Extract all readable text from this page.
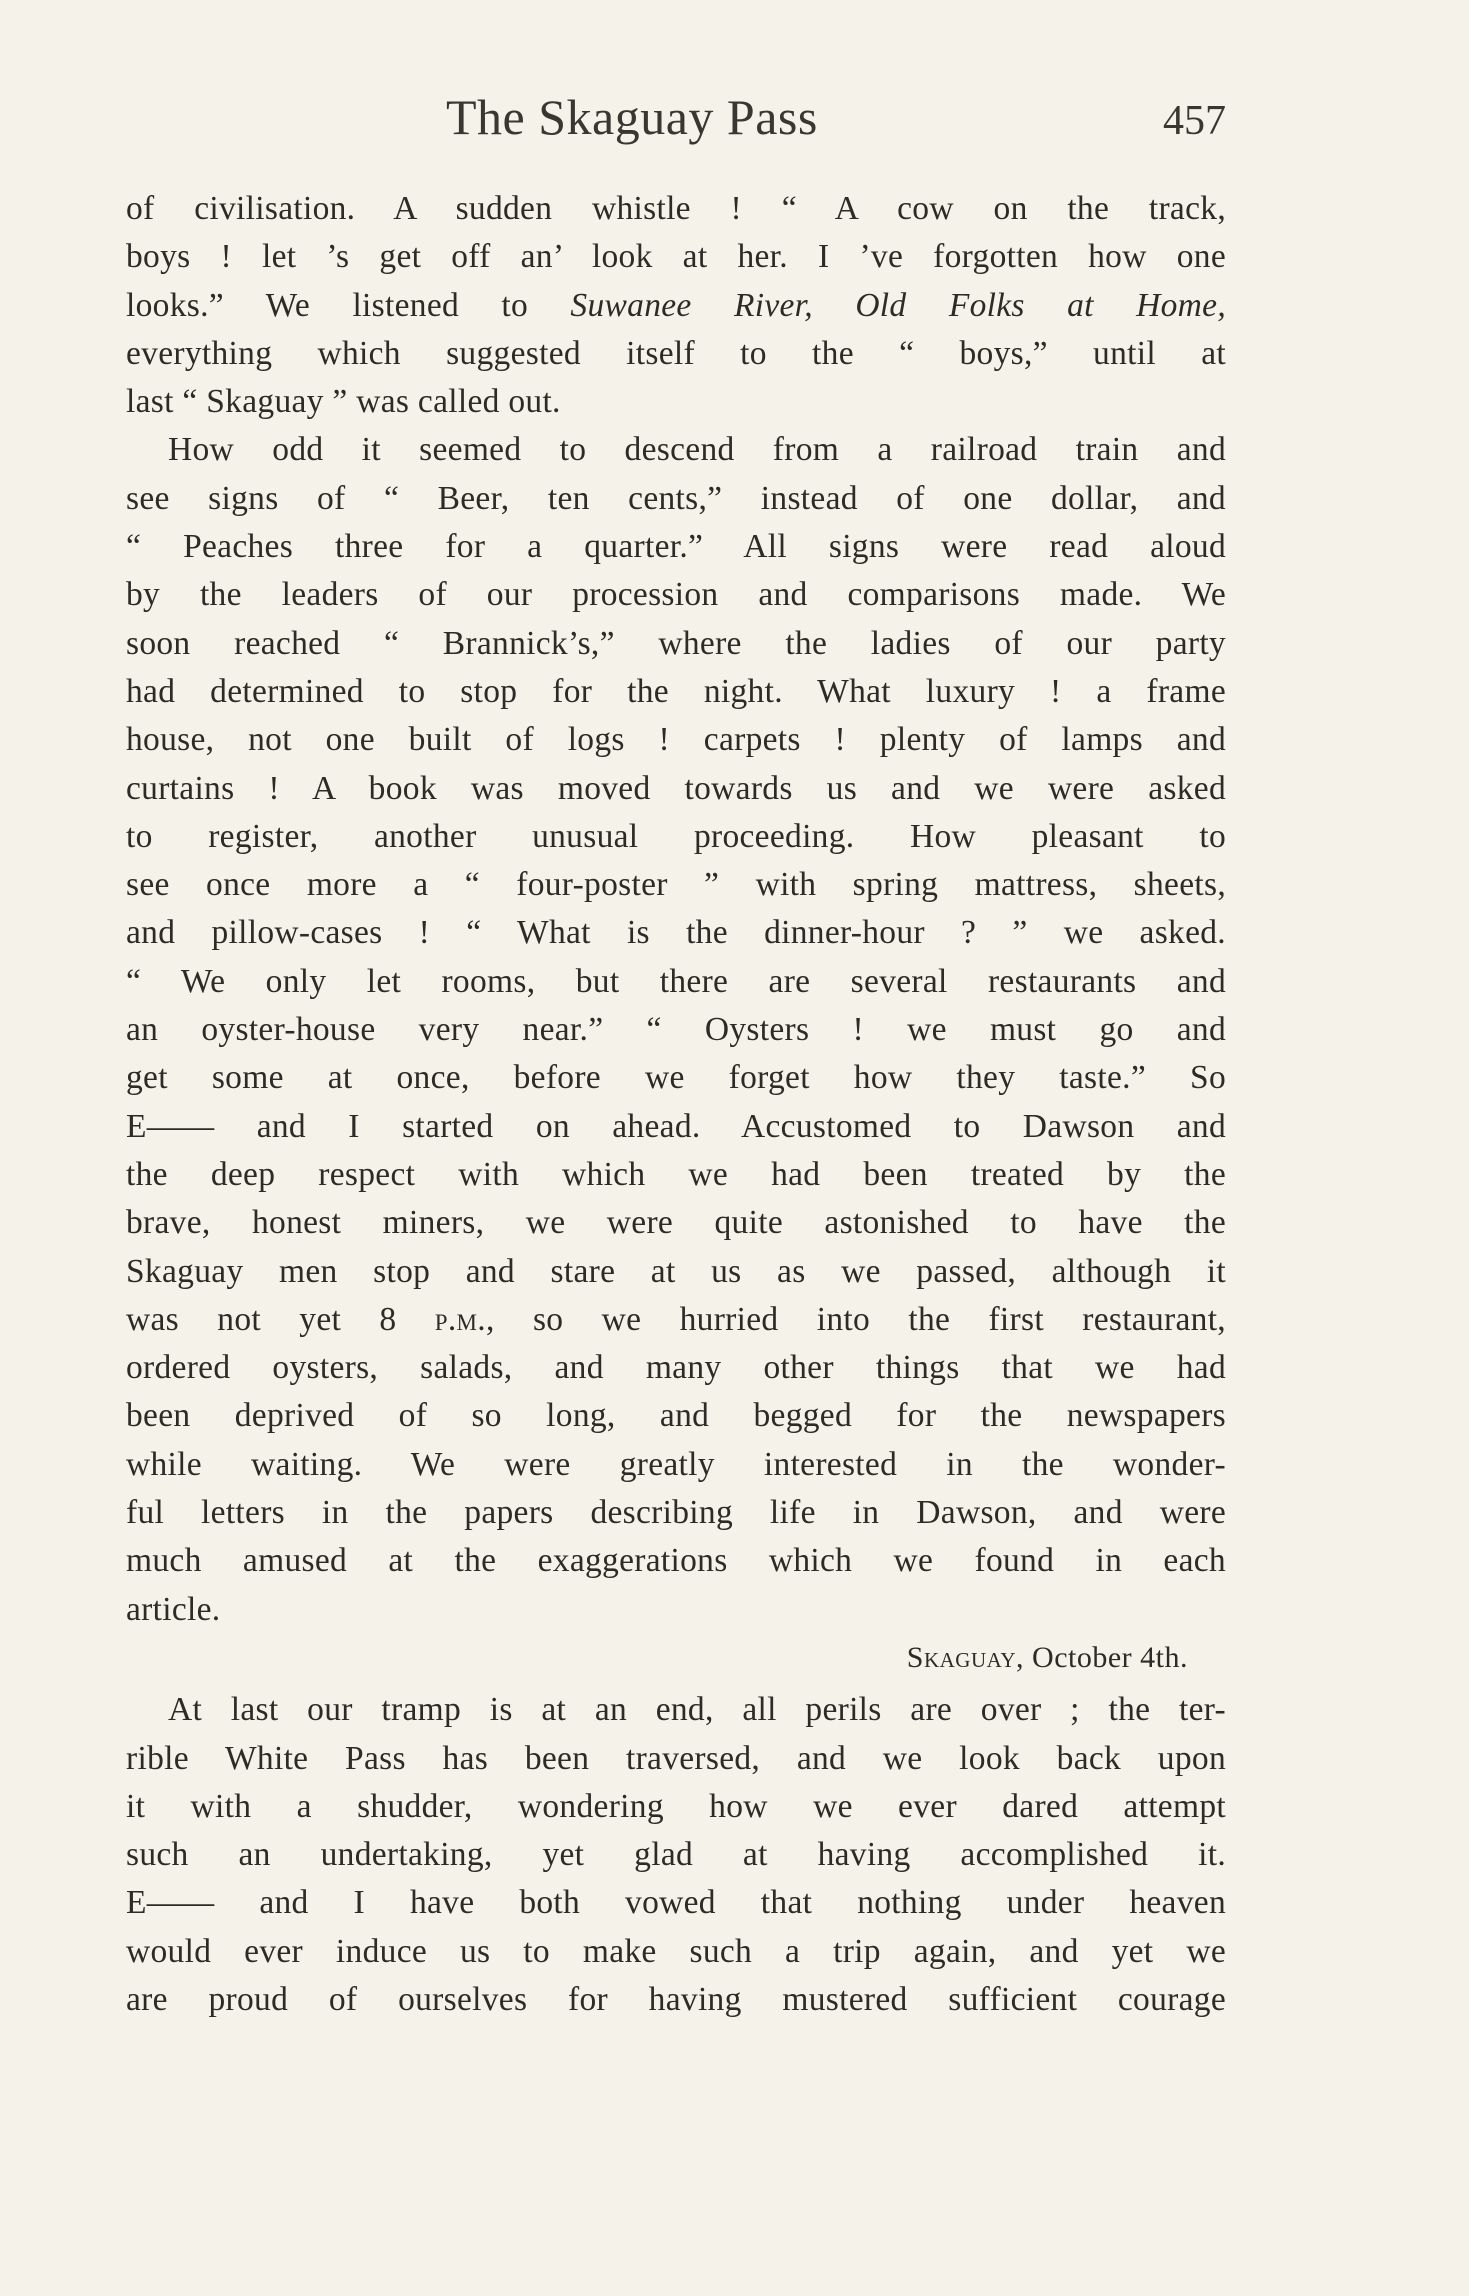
The Skaguay Pass	457
of civilisation. A sudden whistle ! “ A cow on the track,
boys ! let ’s get off an’ look at her. I ’ve forgotten how one
looks.” We listened to Suwanee River, Old Folks at Home,
everything which suggested itself to the “ boys,” until at
last “ Skaguay ” was called out.
How odd it seemed to descend from a railroad train and
see signs of “ Beer, ten cents,” instead of one dollar, and
“ Peaches three for a quarter.” All signs were read aloud
by the leaders of our procession and comparisons made. We
soon reached “ Brannick’s,” where the ladies of our party
had determined to stop for the night. What luxury ! a frame
house, not one built of logs ! carpets ! plenty of lamps and
curtains ! A book was moved towards us and we were asked
to register, another unusual proceeding. How pleasant to
see once more a “ four-poster ” with spring mattress, sheets,
and pillow-cases ! “ What is the dinner-hour ? ” we asked.
“ We only let rooms, but there are several restaurants and
an oyster-house very near.” “ Oysters ! we must go and
get some at once, before we forget how they taste.” So
E—— and I started on ahead. Accustomed to Dawson and
the deep respect with which we had been treated by the
brave, honest miners, we were quite astonished to have the
Skaguay men stop and stare at us as we passed, although it
was not yet 8 p.m., so we hurried into the first restaurant,
ordered oysters, salads, and many other things that we had
been deprived of so long, and begged for the newspapers
while waiting. We were greatly interested in the wonder-
ful letters in the papers describing life in Dawson, and were
much amused at the exaggerations which we found in each
article.
Skaguay, October 4th.
At last our tramp is at an end, all perils are over ; the ter-
rible White Pass has been traversed, and we look back upon
it with a shudder, wondering how we ever dared attempt
such an undertaking, yet glad at having accomplished it.
E—— and I have both vowed that nothing under heaven
would ever induce us to make such a trip again, and yet we
are proud of ourselves for having mustered sufficient courage
